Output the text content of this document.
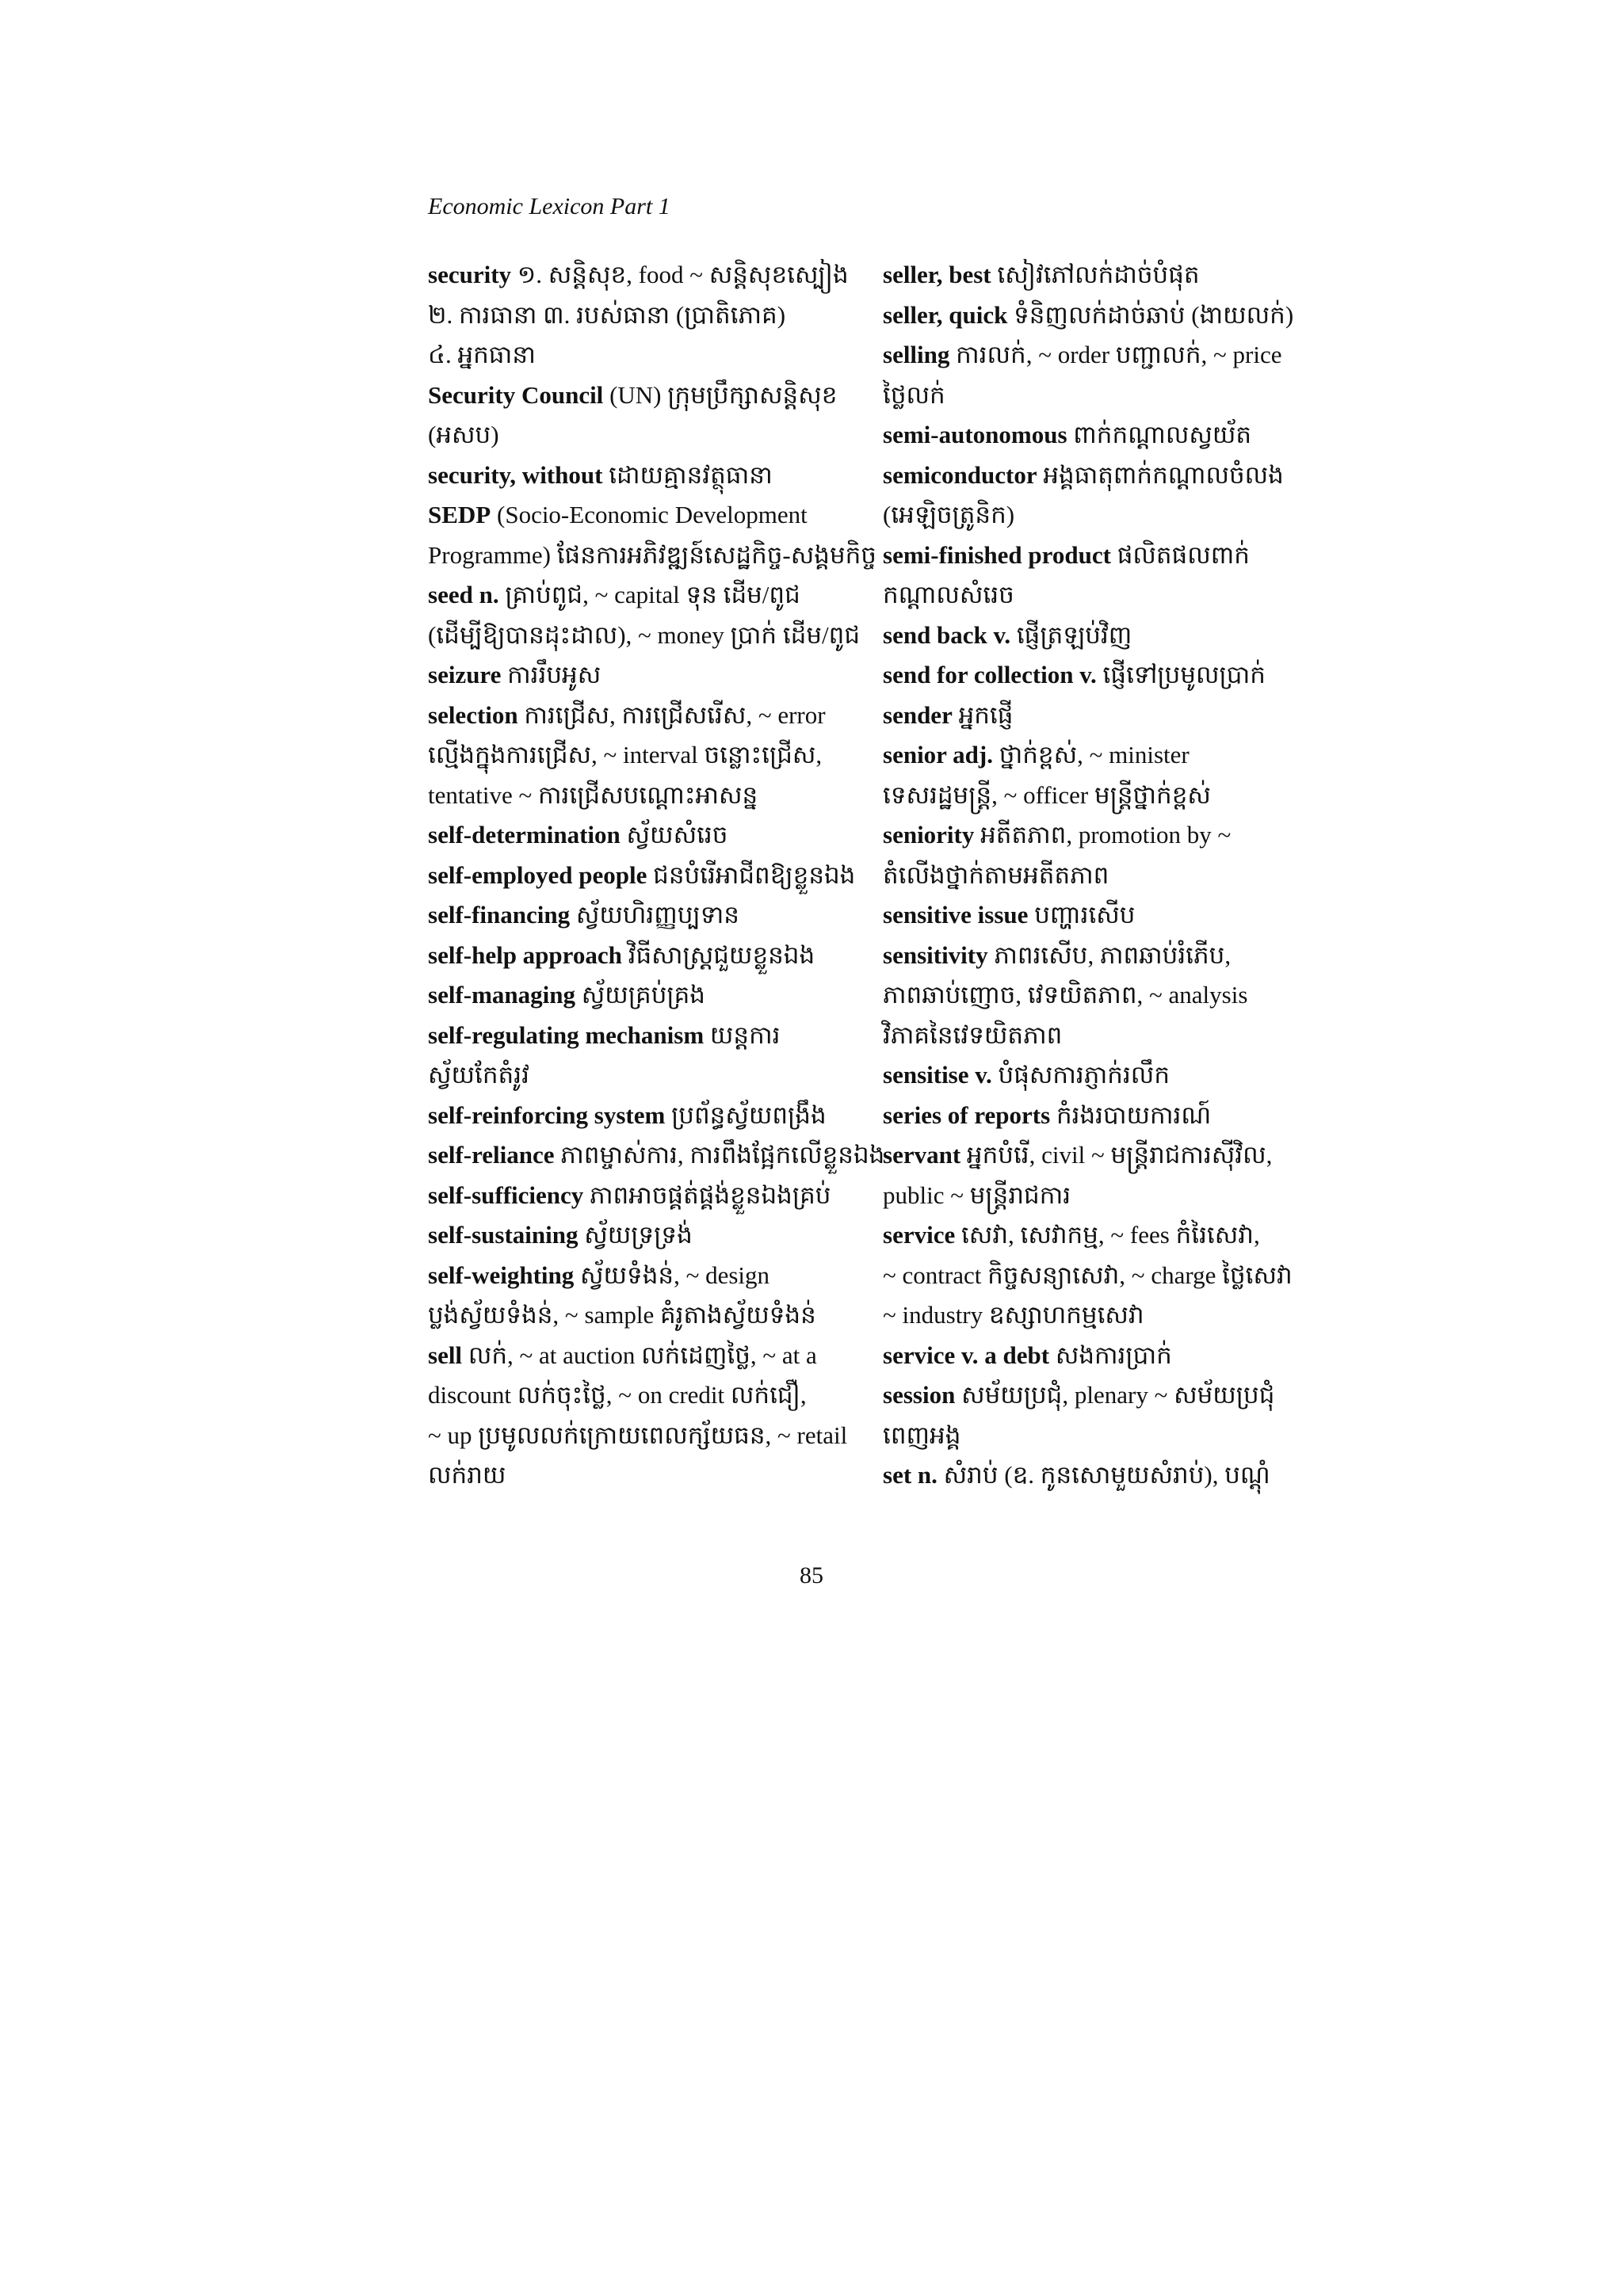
Economic Lexicon Part 1
security ១. សន្តិសុខ, food ~ សន្តិសុខស្បៀង
២. ការធានា ៣. របស់ធានា (ប្រាតិភោគ)
៤. អ្នកធានា
Security Council (UN) ក្រុមប្រឹក្សាសន្តិសុខ
(អសប)
security, without ដោយគ្មានវត្ថុធានា
SEDP (Socio-Economic Development
Programme) ផែនការអភិវឌ្ឍន៍សេដ្ឋកិច្ច-សង្គមកិច្ច
seed n. គ្រាប់ពូជ, ~ capital ទុន ដើម/ពូជ
(ដើម្បីឱ្យបានដុះដាល), ~ money ប្រាក់ ដើម/ពូជ
seizure ការរឹបអូស
selection ការជ្រើស, ការជ្រើសរើស, ~ error
ល្មើងក្នុងការជ្រើស, ~ interval ចន្លោះជ្រើស,
tentative ~ ការជ្រើសបណ្ដោះអាសន្ន
self-determination ស្វ័យសំរេច
self-employed people ជនបំរើអាជីពឱ្យខ្លួនឯង
self-financing ស្វ័យហិរញ្ញប្បទាន
self-help approach វិធីសាស្ត្រជួយខ្លួនឯង
self-managing ស្វ័យគ្រប់គ្រង
self-regulating mechanism យន្តការ
ស្វ័យកែតំរូវ
self-reinforcing system ប្រព័ន្ធស្វ័យពង្រឹង
self-reliance ភាពម្ចាស់ការ, ការពឹងផ្អែកលើខ្លួនឯង
self-sufficiency ភាពអាចផ្គត់ផ្គង់ខ្លួនឯងគ្រប់
self-sustaining ស្វ័យទ្រទ្រង់
self-weighting ស្វ័យទំងន់, ~ design
ប្លង់ស្វ័យទំងន់, ~ sample គំរូតាងស្វ័យទំងន់
sell លក់, ~ at auction លក់ដេញថ្លៃ, ~ at a
discount លក់ចុះថ្លៃ, ~ on credit លក់ជឿ,
~ up ប្រមូលលក់ក្រោយពេលក្ស័យធន, ~ retail
លក់រាយ
seller, best សៀវភៅលក់ដាច់បំផុត
seller, quick ទំនិញលក់ដាច់ឆាប់ (ងាយលក់)
selling ការលក់, ~ order បញ្ជាលក់, ~ price
ថ្លៃលក់
semi-autonomous ពាក់កណ្ដាលស្វយ័ត
semiconductor អង្គធាតុពាក់កណ្ដាលចំលង
(អេឡិចត្រូនិក)
semi-finished product ផលិតផលពាក់
កណ្ដាលសំរេច
send back v. ផ្ញើត្រឡប់វិញ
send for collection v. ផ្ញើទៅប្រមូលប្រាក់
sender អ្នកផ្ញើ
senior adj. ថ្នាក់ខ្ពស់, ~ minister
ទេសរដ្ឋមន្ត្រី, ~ officer មន្ត្រីថ្នាក់ខ្ពស់
seniority អតីតភាព, promotion by ~
តំលើងថ្នាក់តាមអតីតភាព
sensitive issue បញ្ហារសើប
sensitivity ភាពរសើប, ភាពឆាប់រំភើប,
ភាពឆាប់ញោច, វេទយិតភាព, ~ analysis
វិភាគនៃវេទយិតភាព
sensitise v. បំផុសការភ្ញាក់រលឹក
series of reports កំរងរបាយការណ៍
servant អ្នកបំរើ, civil ~ មន្ត្រីរាជការស៊ីវិល,
public ~ មន្ត្រីរាជការ
service សេវា, សេវាកម្ម, ~ fees កំរៃសេវា,
~ contract កិច្ចសន្យាសេវា, ~ charge ថ្លៃសេវា
~ industry ឧស្សាហកម្មសេវា
service v. a debt សងការប្រាក់
session សម័យប្រជុំ, plenary ~ សម័យប្រជុំ
ពេញអង្គ
set n. សំរាប់ (ឧ. កូនសោមួយសំរាប់), បណ្ដុំ
85
